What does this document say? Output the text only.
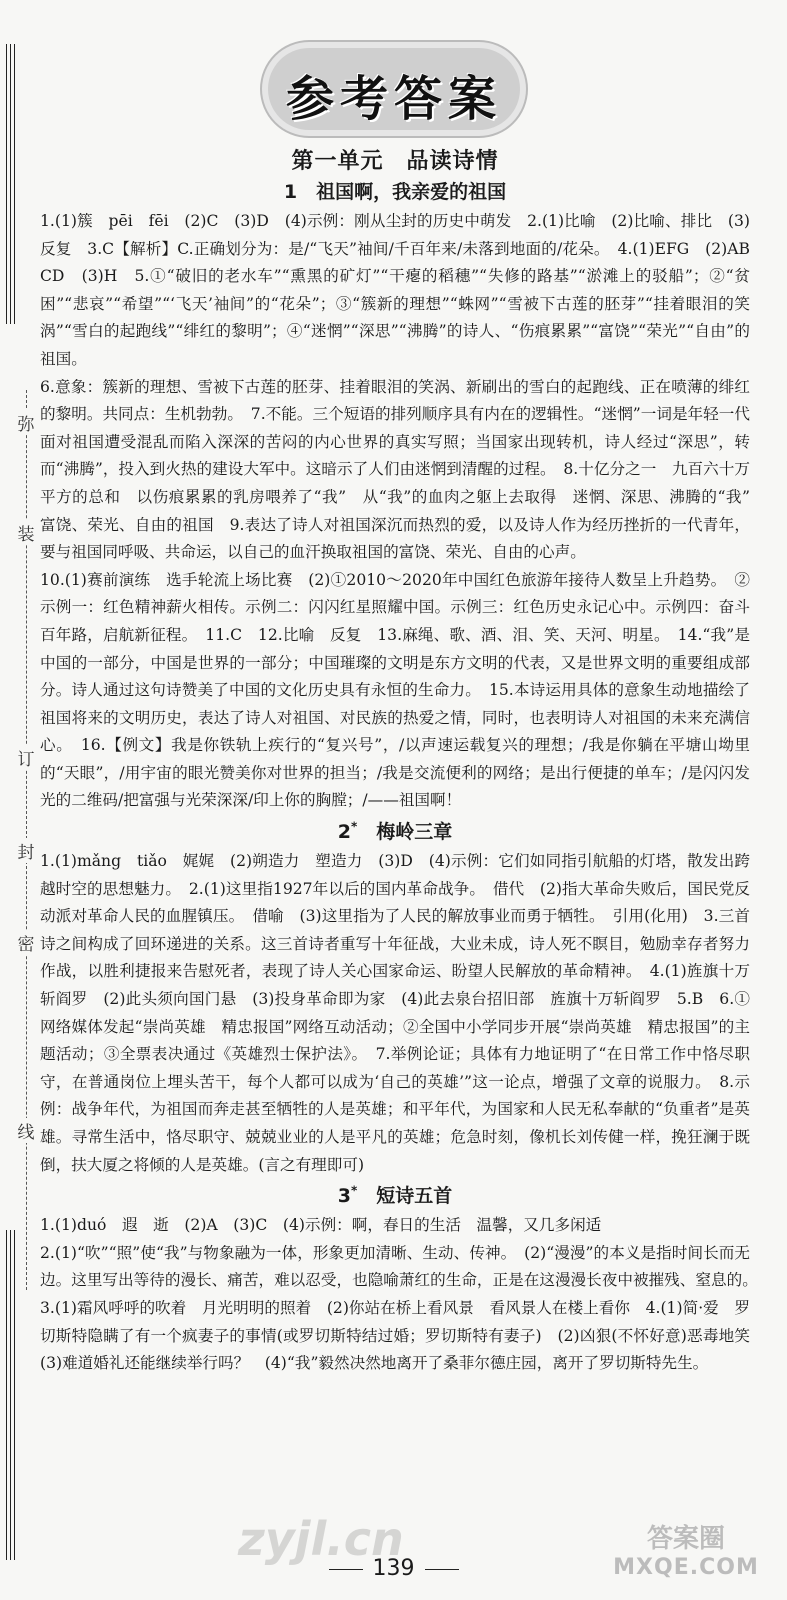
弥
装
订
封
密
线
参考答案
第一单元　品读诗情
1　 祖国啊，我亲爱的祖国

1.(1)簇　pēi　fēi　(2)C　(3)D　(4)示例：刚从尘封的历史中萌发　2.(1)比喻　(2)比喻、排比　(3)反复　3.C【解析】C.正确划分为：是/“飞天”袖间/千百年来/未落到地面的/花朵。　4.(1)EFG　(2)ABCD　(3)H　5.①“破旧的老水车”“熏黑的矿灯”“干瘪的稻穗”“失修的路基”“淤滩上的驳船”；②“贫困”“悲哀”“希望”“‘飞天’袖间”的“花朵”；③“簇新的理想”“蛛网”“雪被下古莲的胚芽”“挂着眼泪的笑涡”“雪白的起跑线”“绯红的黎明”；④“迷惘”“深思”“沸腾”的诗人、“伤痕累累”“富饶”“荣光”“自由”的祖国。

6.意象：簇新的理想、雪被下古莲的胚芽、挂着眼泪的笑涡、新刷出的雪白的起跑线、正在喷薄的绯红的黎明。共同点：生机勃勃。　7.不能。三个短语的排列顺序具有内在的逻辑性。“迷惘”一词是年轻一代面对祖国遭受混乱而陷入深深的苦闷的内心世界的真实写照；当国家出现转机，诗人经过“深思”，转而“沸腾”，投入到火热的建设大军中。这暗示了人们由迷惘到清醒的过程。　8.十亿分之一　九百六十万平方的总和　以伤痕累累的乳房喂养了“我”　从“我”的血肉之躯上去取得　迷惘、深思、沸腾的“我”　富饶、荣光、自由的祖国　9.表达了诗人对祖国深沉而热烈的爱，以及诗人作为经历挫折的一代青年，要与祖国同呼吸、共命运，以自己的血汗换取祖国的富饶、荣光、自由的心声。

10.(1)赛前演练　选手轮流上场比赛　(2)①2010～2020年中国红色旅游年接待人数呈上升趋势。　②示例一：红色精神薪火相传。示例二：闪闪红星照耀中国。示例三：红色历史永记心中。示例四：奋斗百年路，启航新征程。　11.C　12.比喻　反复　13.麻绳、歌、酒、泪、笑、天河、明星。　14.“我”是中国的一部分，中国是世界的一部分；中国璀璨的文明是东方文明的代表，又是世界文明的重要组成部分。诗人通过这句诗赞美了中国的文化历史具有永恒的生命力。　15.本诗运用具体的意象生动地描绘了祖国将来的文明历史，表达了诗人对祖国、对民族的热爱之情，同时，也表明诗人对祖国的未来充满信心。　16.【例文】我是你铁轨上疾行的“复兴号”，/以声速运载复兴的理想；/我是你躺在平塘山坳里的“天眼”，/用宇宙的眼光赞美你对世界的担当；/我是交流便利的网络；是出行便捷的单车；/是闪闪发光的二维码/把富强与光荣深深/印上你的胸膛；/——祖国啊！

2*　 梅岭三章

1.(1)mǎng　tiǎo　娓娓　(2)朔造力　塑造力　(3)D　(4)示例：它们如同指引航船的灯塔，散发出跨越时空的思想魅力。　2.(1)这里指1927年以后的国内革命战争。　借代　(2)指大革命失败后，国民党反动派对革命人民的血腥镇压。　借喻　(3)这里指为了人民的解放事业而勇于牺牲。　引用(化用)　3.三首诗之间构成了回环递进的关系。这三首诗者重写十年征战，大业未成，诗人死不瞑目，勉励幸存者努力作战，以胜利捷报来告慰死者，表现了诗人关心国家命运、盼望人民解放的革命精神。　4.(1)旌旗十万斩阎罗　(2)此头须向国门悬　(3)投身革命即为家　(4)此去泉台招旧部　旌旗十万斩阎罗　5.B　6.①网络媒体发起“崇尚英雄　精忠报国”网络互动活动；②全国中小学同步开展“崇尚英雄　精忠报国”的主题活动；③全票表决通过《英雄烈士保护法》。　7.举例论证；具体有力地证明了“在日常工作中恪尽职守，在普通岗位上埋头苦干，每个人都可以成为‘自己的英雄’”这一论点，增强了文章的说服力。　8.示例：战争年代，为祖国而奔走甚至牺牲的人是英雄；和平年代，为国家和人民无私奉献的“负重者”是英雄。寻常生活中，恪尽职守、兢兢业业的人是平凡的英雄；危急时刻，像机长刘传健一样，挽狂澜于既倒，扶大厦之将倾的人是英雄。(言之有理即可)

3*　 短诗五首

1.(1)duó　遐　逝　(2)A　(3)C　(4)示例：啊，春日的生活　温馨，又几多闲适

2.(1)“吹”“照”使“我”与物象融为一体，形象更加清晰、生动、传神。　(2)“漫漫”的本义是指时间长而无边。这里写出等待的漫长、痛苦，难以忍受，也隐喻萧红的生命，正是在这漫漫长夜中被摧残、窒息的。　3.(1)霜风呼呼的吹着　月光明明的照着　(2)你站在桥上看风景　看风景人在楼上看你　4.(1)简·爱　罗切斯特隐瞒了有一个疯妻子的事情(或罗切斯特结过婚；罗切斯特有妻子)　(2)凶狠(不怀好意)恶毒地笑　(3)难道婚礼还能继续举行吗？　(4)“我”毅然决然地离开了桑菲尔德庄园，离开了罗切斯特先生。

zyjl.cn	答案圈
MXQE.COM
139
